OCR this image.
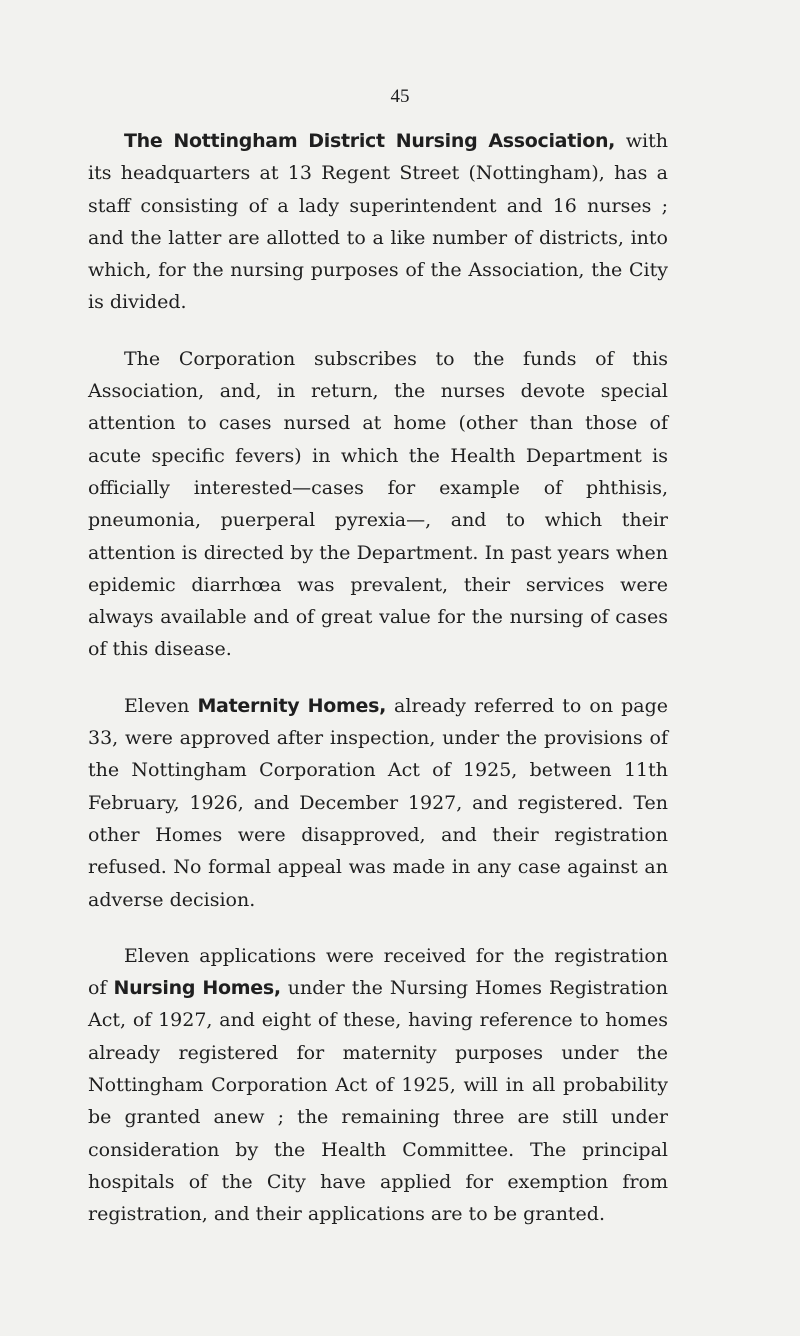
45

The Nottingham District Nursing Association, with its headquarters at 13 Regent Street (Nottingham), has a staff consisting of a lady superintendent and 16 nurses ; and the latter are allotted to a like number of districts, into which, for the nursing purposes of the Association, the City is divided.

The Corporation subscribes to the funds of this Association, and, in return, the nurses devote special attention to cases nursed at home (other than those of acute specific fevers) in which the Health Department is officially interested—cases for example of phthisis, pneumonia, puerperal pyrexia—, and to which their attention is directed by the Department. In past years when epidemic diarrhœa was prevalent, their services were always available and of great value for the nursing of cases of this disease.

Eleven Maternity Homes, already referred to on page 33, were approved after inspection, under the provisions of the Nottingham Corporation Act of 1925, between 11th February, 1926, and December 1927, and registered. Ten other Homes were disapproved, and their registration refused. No formal appeal was made in any case against an adverse decision.

Eleven applications were received for the registration of Nursing Homes, under the Nursing Homes Registration Act, of 1927, and eight of these, having reference to homes already registered for maternity purposes under the Nottingham Corporation Act of 1925, will in all probability be granted anew ; the remaining three are still under consideration by the Health Committee. The principal hospitals of the City have applied for exemption from registration, and their applications are to be granted.
